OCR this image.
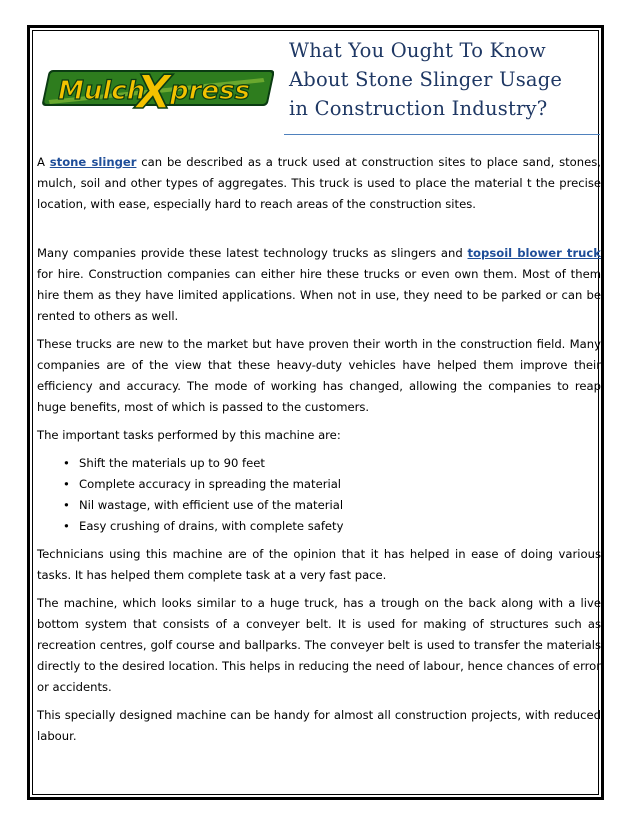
Mulch
X
press
What You Ought To Know
About Stone Slinger Usage
in Construction Industry?

A stone slinger can be described as a truck used at construction sites to place sand, stones, mulch, soil and other types of aggregates. This truck is used to place the material t the precise location, with ease, especially hard to reach areas of the construction sites.

Many companies provide these latest technology trucks as slingers and topsoil blower truck for hire. Construction companies can either hire these trucks or even own them. Most of them hire them as they have limited applications. When not in use, they need to be parked or can be rented to others as well.

These trucks are new to the market but have proven their worth in the construction field. Many companies are of the view that these heavy-duty vehicles have helped them improve their efficiency and accuracy. The mode of working has changed, allowing the companies to reap huge benefits, most of which is passed to the customers.

The important tasks performed by this machine are:

• Shift the materials up to 90 feet
• Complete accuracy in spreading the material
• Nil wastage, with efficient use of the material
• Easy crushing of drains, with complete safety

Technicians using this machine are of the opinion that it has helped in ease of doing various tasks. It has helped them complete task at a very fast pace.

The machine, which looks similar to a huge truck, has a trough on the back along with a live bottom system that consists of a conveyer belt. It is used for making of structures such as recreation centres, golf course and ballparks. The conveyer belt is used to transfer the materials directly to the desired location. This helps in reducing the need of labour, hence chances of error or accidents.

This specially designed machine can be handy for almost all construction projects, with reduced labour.
